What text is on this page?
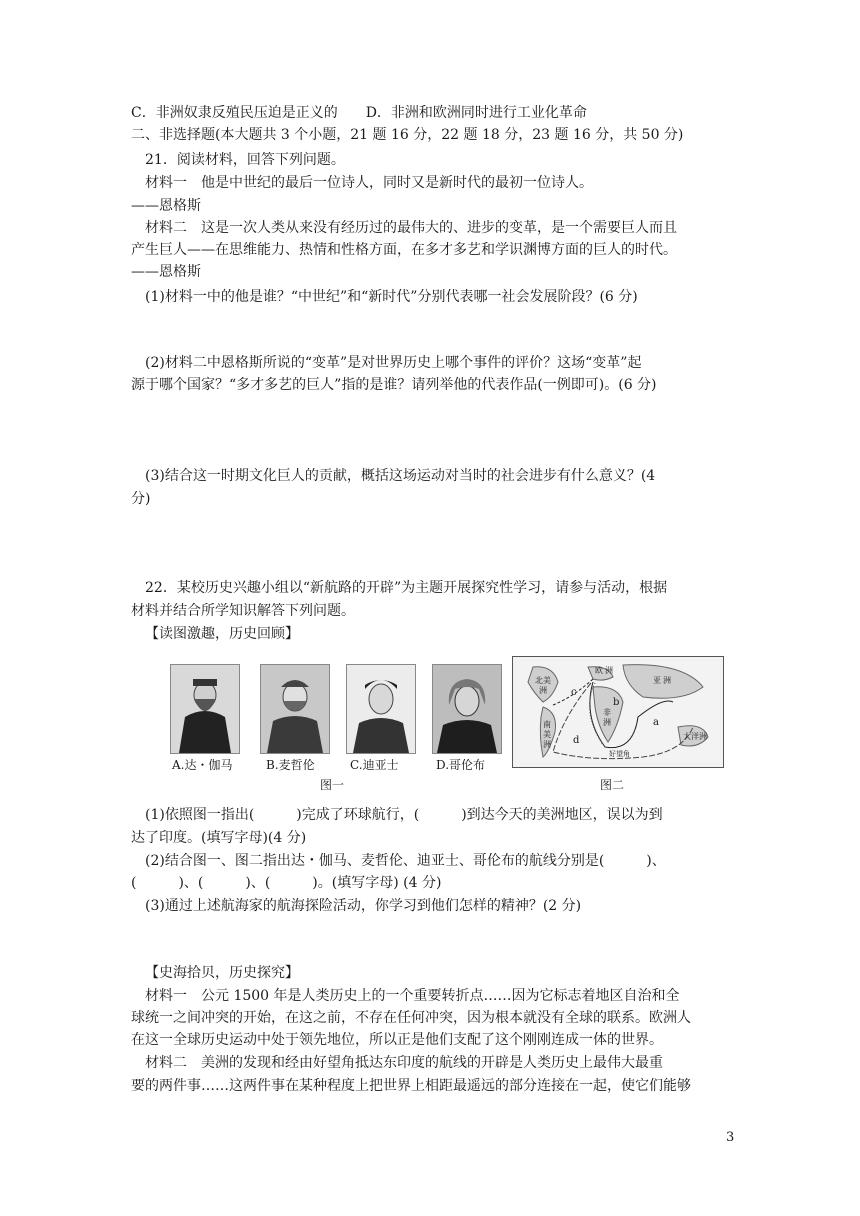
C．非洲奴隶反殖民压迫是正义的　　D．非洲和欧洲同时进行工业化革命
二、非选择题(本大题共 3 个小题，21 题 16 分，22 题 18 分，23 题 16 分，共 50 分)
21．阅读材料，回答下列问题。
材料一　他是中世纪的最后一位诗人，同时又是新时代的最初一位诗人。
——恩格斯
材料二　这是一次人类从来没有经历过的最伟大的、进步的变革，是一个需要巨人而且
产生巨人——在思维能力、热情和性格方面，在多才多艺和学识渊博方面的巨人的时代。
——恩格斯
(1)材料一中的他是谁？“中世纪”和“新时代”分别代表哪一社会发展阶段？(6 分)
(2)材料二中恩格斯所说的“变革”是对世界历史上哪个事件的评价？这场“变革”起
源于哪个国家？“多才多艺的巨人”指的是谁？请列举他的代表作品(一例即可)。(6 分)
(3)结合这一时期文化巨人的贡献，概括这场运动对当时的社会进步有什么意义？(4
分)
22．某校历史兴趣小组以“新航路的开辟”为主题开展探究性学习，请参与活动，根据
材料并结合所学知识解答下列问题。
【读图激趣，历史回顾】
A.达・伽马	B.麦哲伦	C.迪亚士	D.哥伦布
图一
c
b
d
a
欧 洲
亚 洲
非
洲
北 美
洲
南
美
洲
大 洋 洲
好望角
图二
(1)依照图一指出(　　　)完成了环球航行，(　　　)到达今天的美洲地区，误以为到
达了印度。(填写字母)(4 分)
(2)结合图一、图二指出达・伽马、麦哲伦、迪亚士、哥伦布的航线分别是(　　　)、
(　　　)、(　　　)、(　　　)。(填写字母) (4 分)
(3)通过上述航海家的航海探险活动，你学习到他们怎样的精神？(2 分)
【史海拾贝，历史探究】
材料一　公元 1500 年是人类历史上的一个重要转折点……因为它标志着地区自治和全
球统一之间冲突的开始，在这之前，不存在任何冲突，因为根本就没有全球的联系。欧洲人
在这一全球历史运动中处于领先地位，所以正是他们支配了这个刚刚连成一体的世界。
材料二　美洲的发现和经由好望角抵达东印度的航线的开辟是人类历史上最伟大最重
要的两件事……这两件事在某种程度上把世界上相距最遥远的部分连接在一起，使它们能够
3
